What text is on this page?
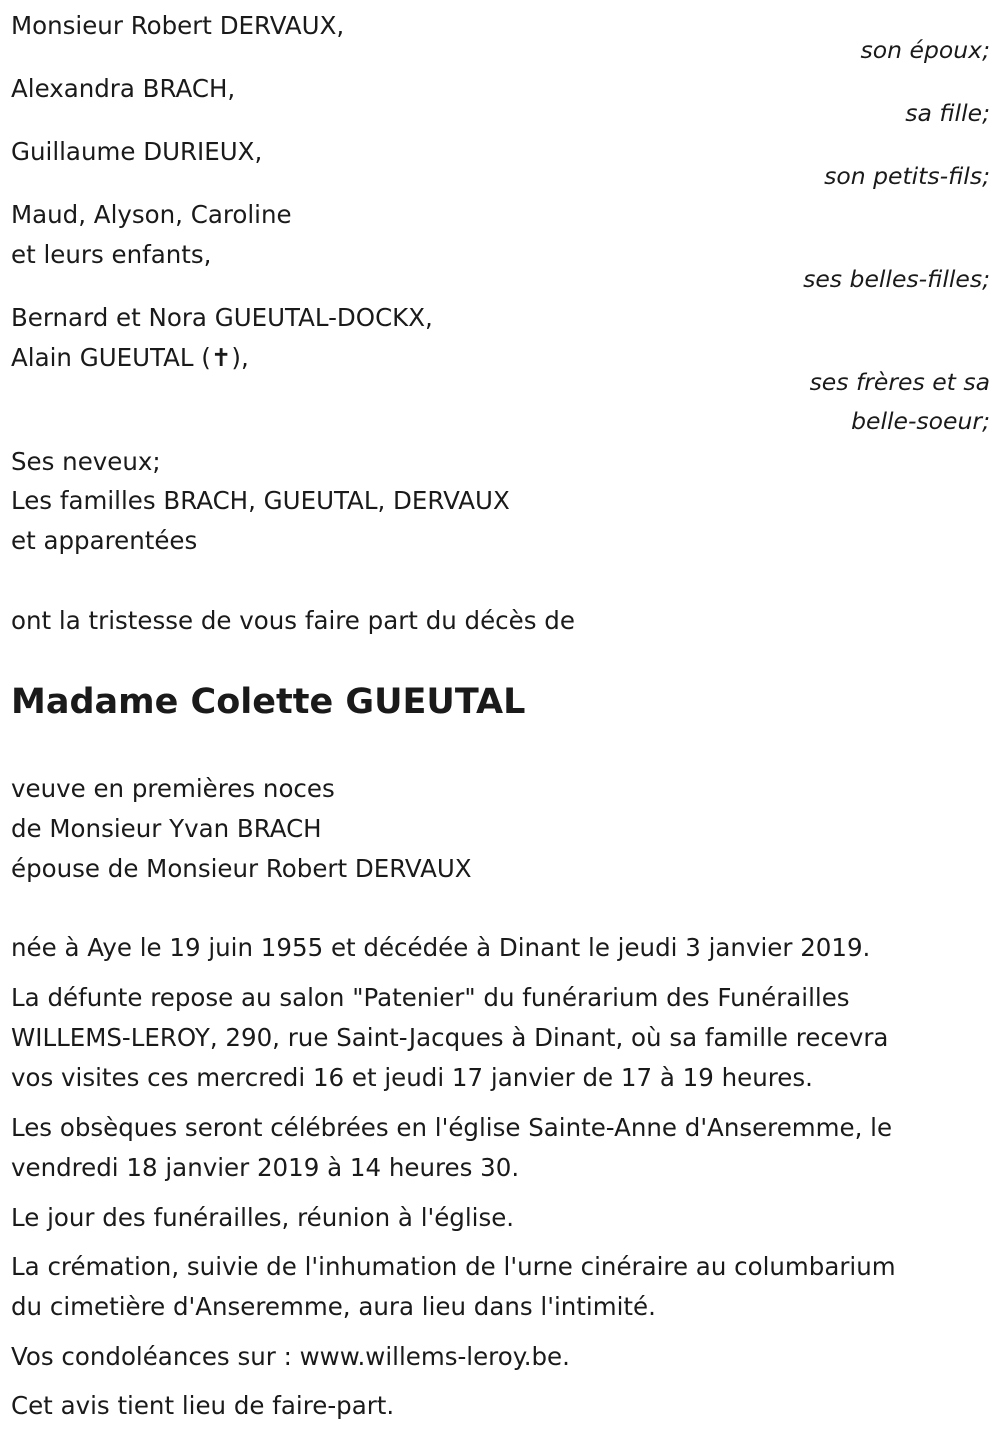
Monsieur Robert DERVAUX,
son époux;
Alexandra BRACH,
sa fille;
Guillaume DURIEUX,
son petits-fils;
Maud, Alyson, Caroline
et leurs enfants,
ses belles-filles;
Bernard et Nora GUEUTAL-DOCKX,
Alain GUEUTAL (✝),
ses frères et sa
belle-soeur;
Ses neveux;
Les familles BRACH, GUEUTAL, DERVAUX
et apparentées
ont la tristesse de vous faire part du décès de
Madame Colette GUEUTAL
veuve en premières noces
de Monsieur Yvan BRACH
épouse de Monsieur Robert DERVAUX
née à Aye le 19 juin 1955 et décédée à Dinant le jeudi 3 janvier 2019.
La défunte repose au salon "Patenier" du funérarium des Funérailles
WILLEMS-LEROY, 290, rue Saint-Jacques à Dinant, où sa famille recevra
vos visites ces mercredi 16 et jeudi 17 janvier de 17 à 19 heures.
Les obsèques seront célébrées en l'église Sainte-Anne d'Anseremme, le
vendredi 18 janvier 2019 à 14 heures 30.
Le jour des funérailles, réunion à l'église.
La crémation, suivie de l'inhumation de l'urne cinéraire au columbarium
du cimetière d'Anseremme, aura lieu dans l'intimité.
Vos condoléances sur : www.willems-leroy.be.
Cet avis tient lieu de faire-part.
